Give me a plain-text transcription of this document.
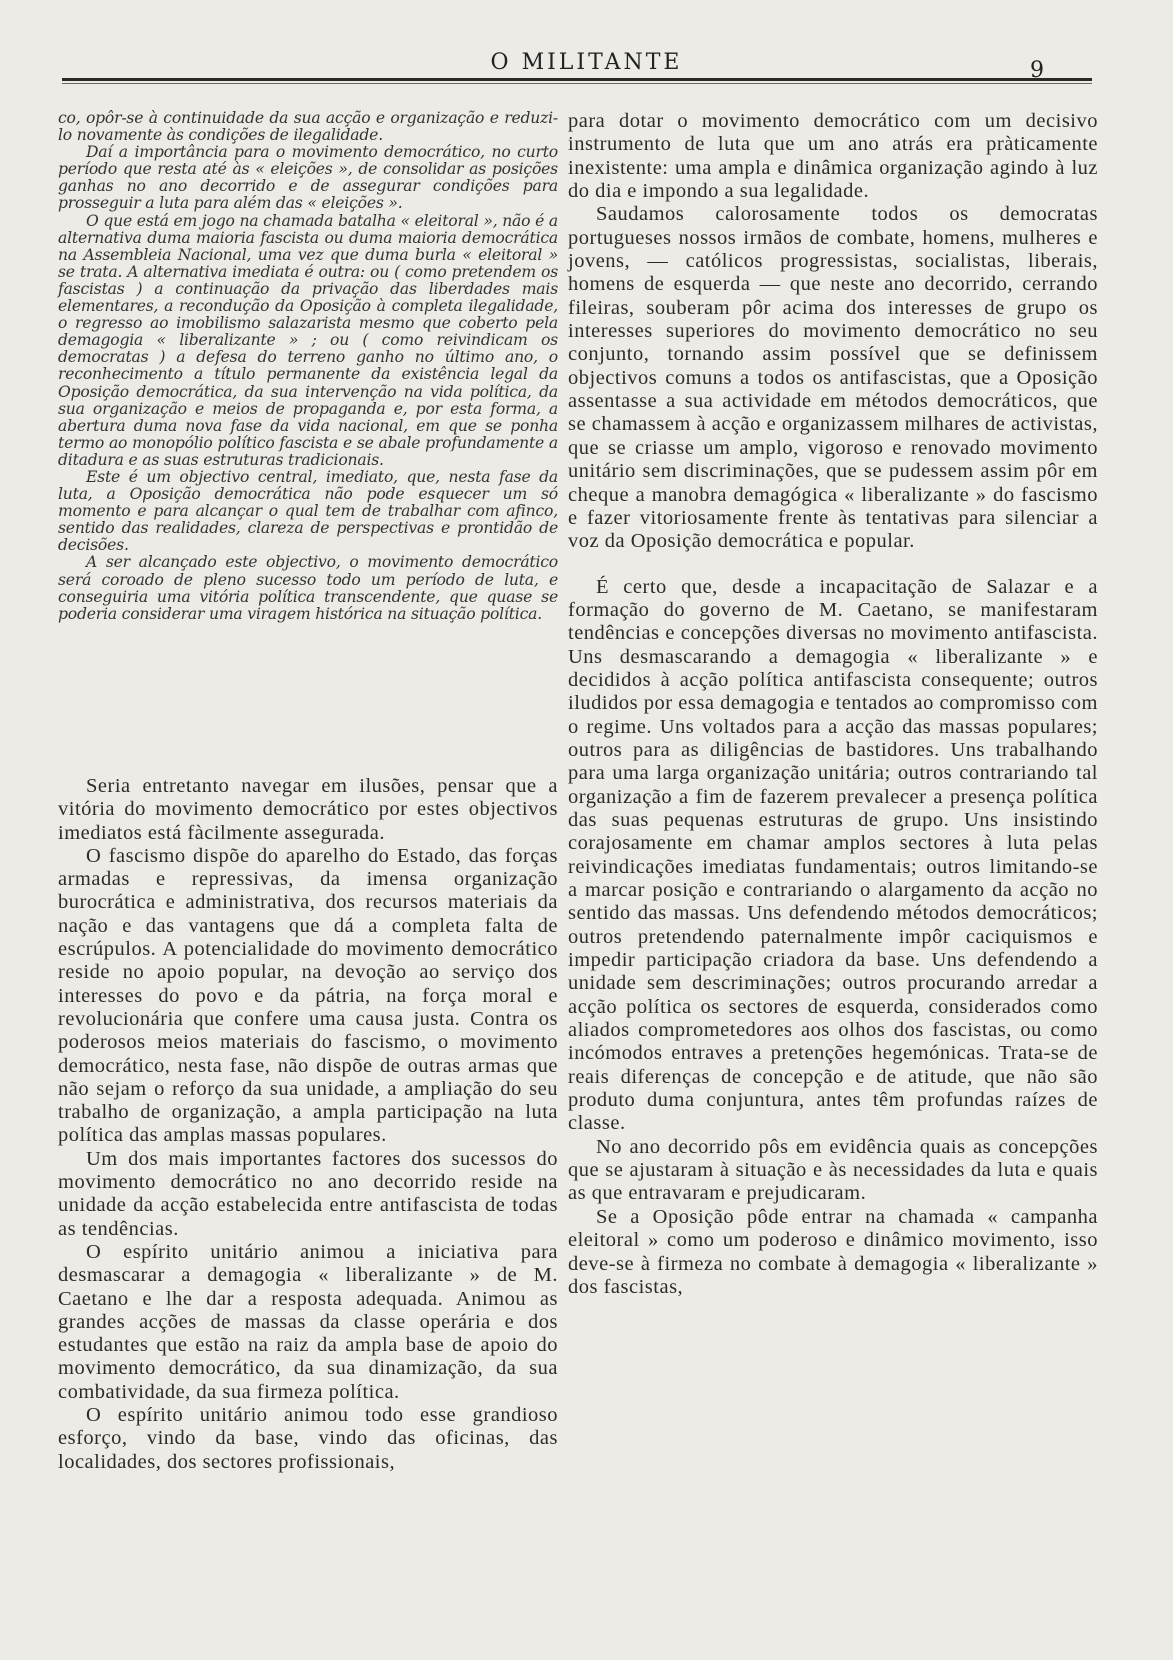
O MILITANTE	9

co, opôr-se à continuidade da sua acção e organização e reduzi-lo novamente às condições de ilegalidade.

Daí a importância para o movimento democrático, no curto período que resta até às « eleições », de consolidar as posições ganhas no ano decorrido e de assegurar condições para prosseguir a luta para além das « eleições ».

O que está em jogo na chamada batalha « eleitoral », não é a alternativa duma maioria fascista ou duma maioria democrática na Assembleia Nacional, uma vez que duma burla « eleitoral » se trata. A alternativa imediata é outra: ou ( como pretendem os fascistas ) a continuação da privação das liberdades mais elementares, a recondução da Oposição à completa ilegalidade, o regresso ao imobilismo salazarista mesmo que coberto pela demagogia « liberalizante » ; ou ( como reivindicam os democratas ) a defesa do terreno ganho no último ano, o reconhecimento a título permanente da existência legal da Oposição democrática, da sua intervenção na vida política, da sua organização e meios de propaganda e, por esta forma, a abertura duma nova fase da vida nacional, em que se ponha termo ao monopólio político fascista e se abale profundamente a ditadura e as suas estruturas tradicionais.

Este é um objectivo central, imediato, que, nesta fase da luta, a Oposição democrática não pode esquecer um só momento e para alcançar o qual tem de trabalhar com afinco, sentido das realidades, clareza de perspectivas e prontidão de decisões.

A ser alcançado este objectivo, o movimento democrático será coroado de pleno sucesso todo um período de luta, e conseguiria uma vitória política transcendente, que quase se poderia considerar uma viragem histórica na situação política.

Seria entretanto navegar em ilusões, pensar que a vitória do movimento democrático por estes objectivos imediatos está fàcilmente assegurada.

O fascismo dispõe do aparelho do Estado, das forças armadas e repressivas, da imensa organização burocrática e administrativa, dos recursos materiais da nação e das vantagens que dá a completa falta de escrúpulos. A potencialidade do movimento democrático reside no apoio popular, na devoção ao serviço dos interesses do povo e da pátria, na força moral e revolucionária que confere uma causa justa. Contra os poderosos meios materiais do fascismo, o movimento democrático, nesta fase, não dispõe de outras armas que não sejam o reforço da sua unidade, a ampliação do seu trabalho de organização, a ampla participação na luta política das amplas massas populares.

Um dos mais importantes factores dos sucessos do movimento democrático no ano decorrido reside na unidade da acção estabelecida entre antifascista de todas as tendências.

O espírito unitário animou a iniciativa para desmascarar a demagogia « liberalizante » de M. Caetano e lhe dar a resposta adequada. Animou as grandes acções de massas da classe operária e dos estudantes que estão na raiz da ampla base de apoio do movimento democrático, da sua dinamização, da sua combatividade, da sua firmeza política.

O espírito unitário animou todo esse grandioso esforço, vindo da base, vindo das oficinas, das localidades, dos sectores profissionais,

para dotar o movimento democrático com um decisivo instrumento de luta que um ano atrás era pràticamente inexistente: uma ampla e dinâmica organização agindo à luz do dia e impondo a sua legalidade.

Saudamos calorosamente todos os democratas portugueses nossos irmãos de combate, homens, mulheres e jovens, — católicos progressistas, socialistas, liberais, homens de esquerda — que neste ano decorrido, cerrando fileiras, souberam pôr acima dos interesses de grupo os interesses superiores do movimento democrático no seu conjunto, tornando assim possível que se definissem objectivos comuns a todos os antifascistas, que a Oposição assentasse a sua actividade em métodos democráticos, que se chamassem à acção e organizassem milhares de activistas, que se criasse um amplo, vigoroso e renovado movimento unitário sem discriminações, que se pudessem assim pôr em cheque a manobra demagógica « liberalizante » do fascismo e fazer vitoriosamente frente às tentativas para silenciar a voz da Oposição democrática e popular.

É certo que, desde a incapacitação de Salazar e a formação do governo de M. Caetano, se manifestaram tendências e concepções diversas no movimento antifascista. Uns desmascarando a demagogia « liberalizante » e decididos à acção política antifascista consequente; outros iludidos por essa demagogia e tentados ao compromisso com o regime. Uns voltados para a acção das massas populares; outros para as diligências de bastidores. Uns trabalhando para uma larga organização unitária; outros contrariando tal organização a fim de fazerem prevalecer a presença política das suas pequenas estruturas de grupo. Uns insistindo corajosamente em chamar amplos sectores à luta pelas reivindicações imediatas fundamentais; outros limitando-se a marcar posição e contrariando o alargamento da acção no sentido das massas. Uns defendendo métodos democráticos; outros pretendendo paternalmente impôr caciquismos e impedir participação criadora da base. Uns defendendo a unidade sem descriminações; outros procurando arredar a acção política os sectores de esquerda, considerados como aliados comprometedores aos olhos dos fascistas, ou como incómodos entraves a pretenções hegemónicas. Trata-se de reais diferenças de concepção e de atitude, que não são produto duma conjuntura, antes têm profundas raízes de classe.

No ano decorrido pôs em evidência quais as concepções que se ajustaram à situação e às necessidades da luta e quais as que entravaram e prejudicaram.

Se a Oposição pôde entrar na chamada « campanha eleitoral » como um poderoso e dinâmico movimento, isso deve-se à firmeza no combate à demagogia « liberalizante » dos fascistas,
